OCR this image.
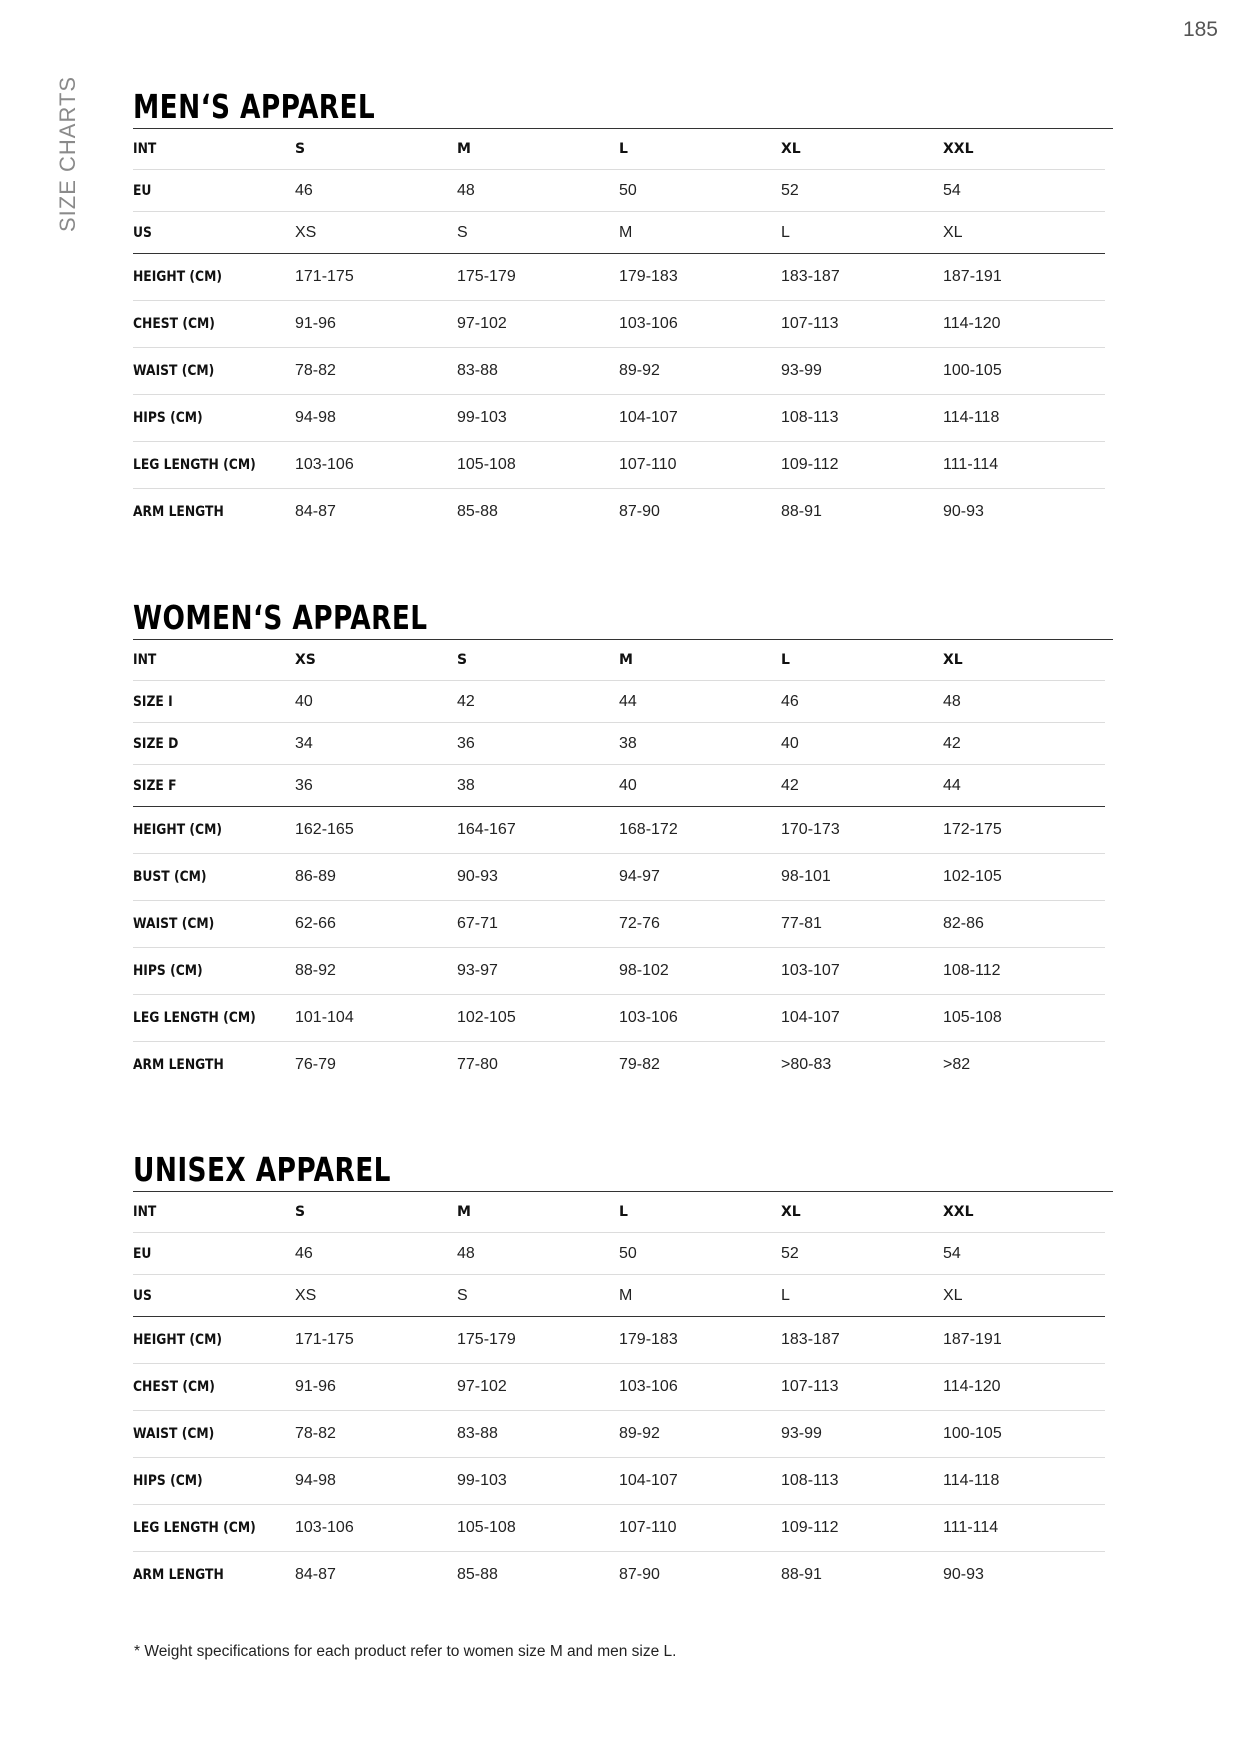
185
SIZE CHARTS MEN‘S APPAREL
INT	S	M	L	XL	XXL
EU	46	48	50	52	54
US	XS	S	M	L	XL
HEIGHT (CM)	171-175	175-179	179-183	183-187	187-191
CHEST (CM)	91-96	97-102	103-106	107-113	114-120
WAIST (CM)	78-82	83-88	89-92	93-99	100-105
HIPS (CM)	94-98	99-103	104-107	108-113	114-118
LEG LENGTH (CM)	103-106	105-108	107-110	109-112	111-114
ARM LENGTH	84-87	85-88	87-90	88-91	90-93
WOMEN‘S APPAREL
INT	XS	S	M	L	XL
SIZE I	40	42	44	46	48
SIZE D	34	36	38	40	42
SIZE F	36	38	40	42	44
HEIGHT (CM)	162-165	164-167	168-172	170-173	172-175
BUST (CM)	86-89	90-93	94-97	98-101	102-105
WAIST (CM)	62-66	67-71	72-76	77-81	82-86
HIPS (CM)	88-92	93-97	98-102	103-107	108-112
LEG LENGTH (CM)	101-104	102-105	103-106	104-107	105-108
ARM LENGTH	76-79	77-80	79-82	>80-83	>82
UNISEX APPAREL
INT	S	M	L	XL	XXL
EU	46	48	50	52	54
US	XS	S	M	L	XL
HEIGHT (CM)	171-175	175-179	179-183	183-187	187-191
CHEST (CM)	91-96	97-102	103-106	107-113	114-120
WAIST (CM)	78-82	83-88	89-92	93-99	100-105
HIPS (CM)	94-98	99-103	104-107	108-113	114-118
LEG LENGTH (CM)	103-106	105-108	107-110	109-112	111-114
ARM LENGTH	84-87	85-88	87-90	88-91	90-93
* Weight specifications for each product refer to women size M and men size L.
